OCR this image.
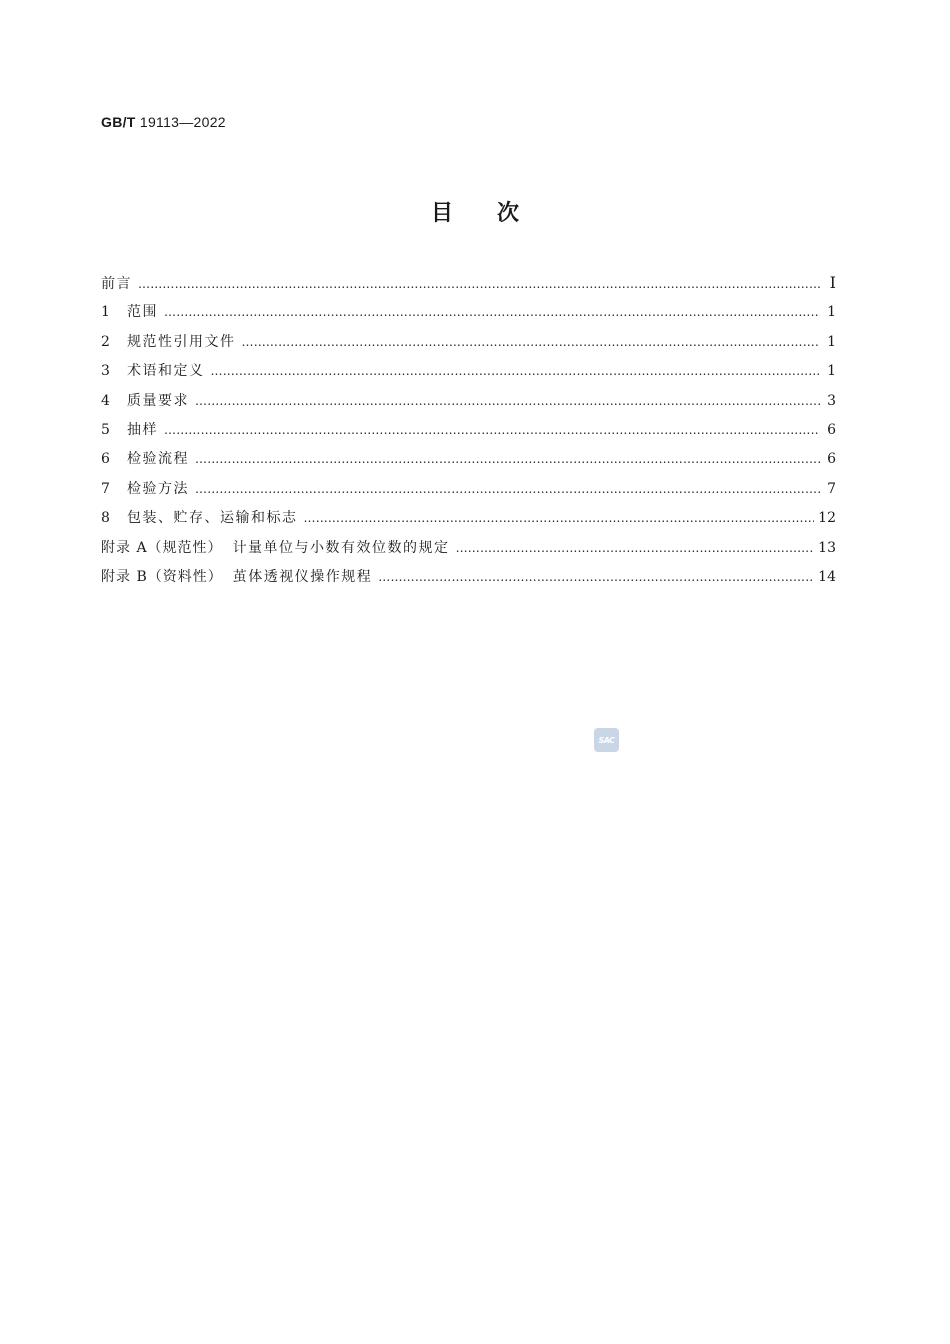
GB/T 19113—2022
目 次
前言 ………………………………………………………………………………………………………………………………………………………………………………………………	Ⅰ
1	范围 ………………………………………………………………………………………………………………………………………………………………………………………………	1
2	规范性引用文件 ………………………………………………………………………………………………………………………………………………………………………………………………	1
3	术语和定义 ………………………………………………………………………………………………………………………………………………………………………………………………	1
4	质量要求 ………………………………………………………………………………………………………………………………………………………………………………………………	3
5	抽样 ………………………………………………………………………………………………………………………………………………………………………………………………	6
6	检验流程 ………………………………………………………………………………………………………………………………………………………………………………………………	6
7	检验方法 ………………………………………………………………………………………………………………………………………………………………………………………………	7
8	包装、贮存、运输和标志 ………………………………………………………………………………………………………………………………………………………………………………………………	12
附录 A（规范性） 计量单位与小数有效位数的规定 ………………………………………………………………………………………………………………………………………………………………………………………………	13
附录 B（资料性） 茧体透视仪操作规程 ………………………………………………………………………………………………………………………………………………………………………………………………	14
SAC
